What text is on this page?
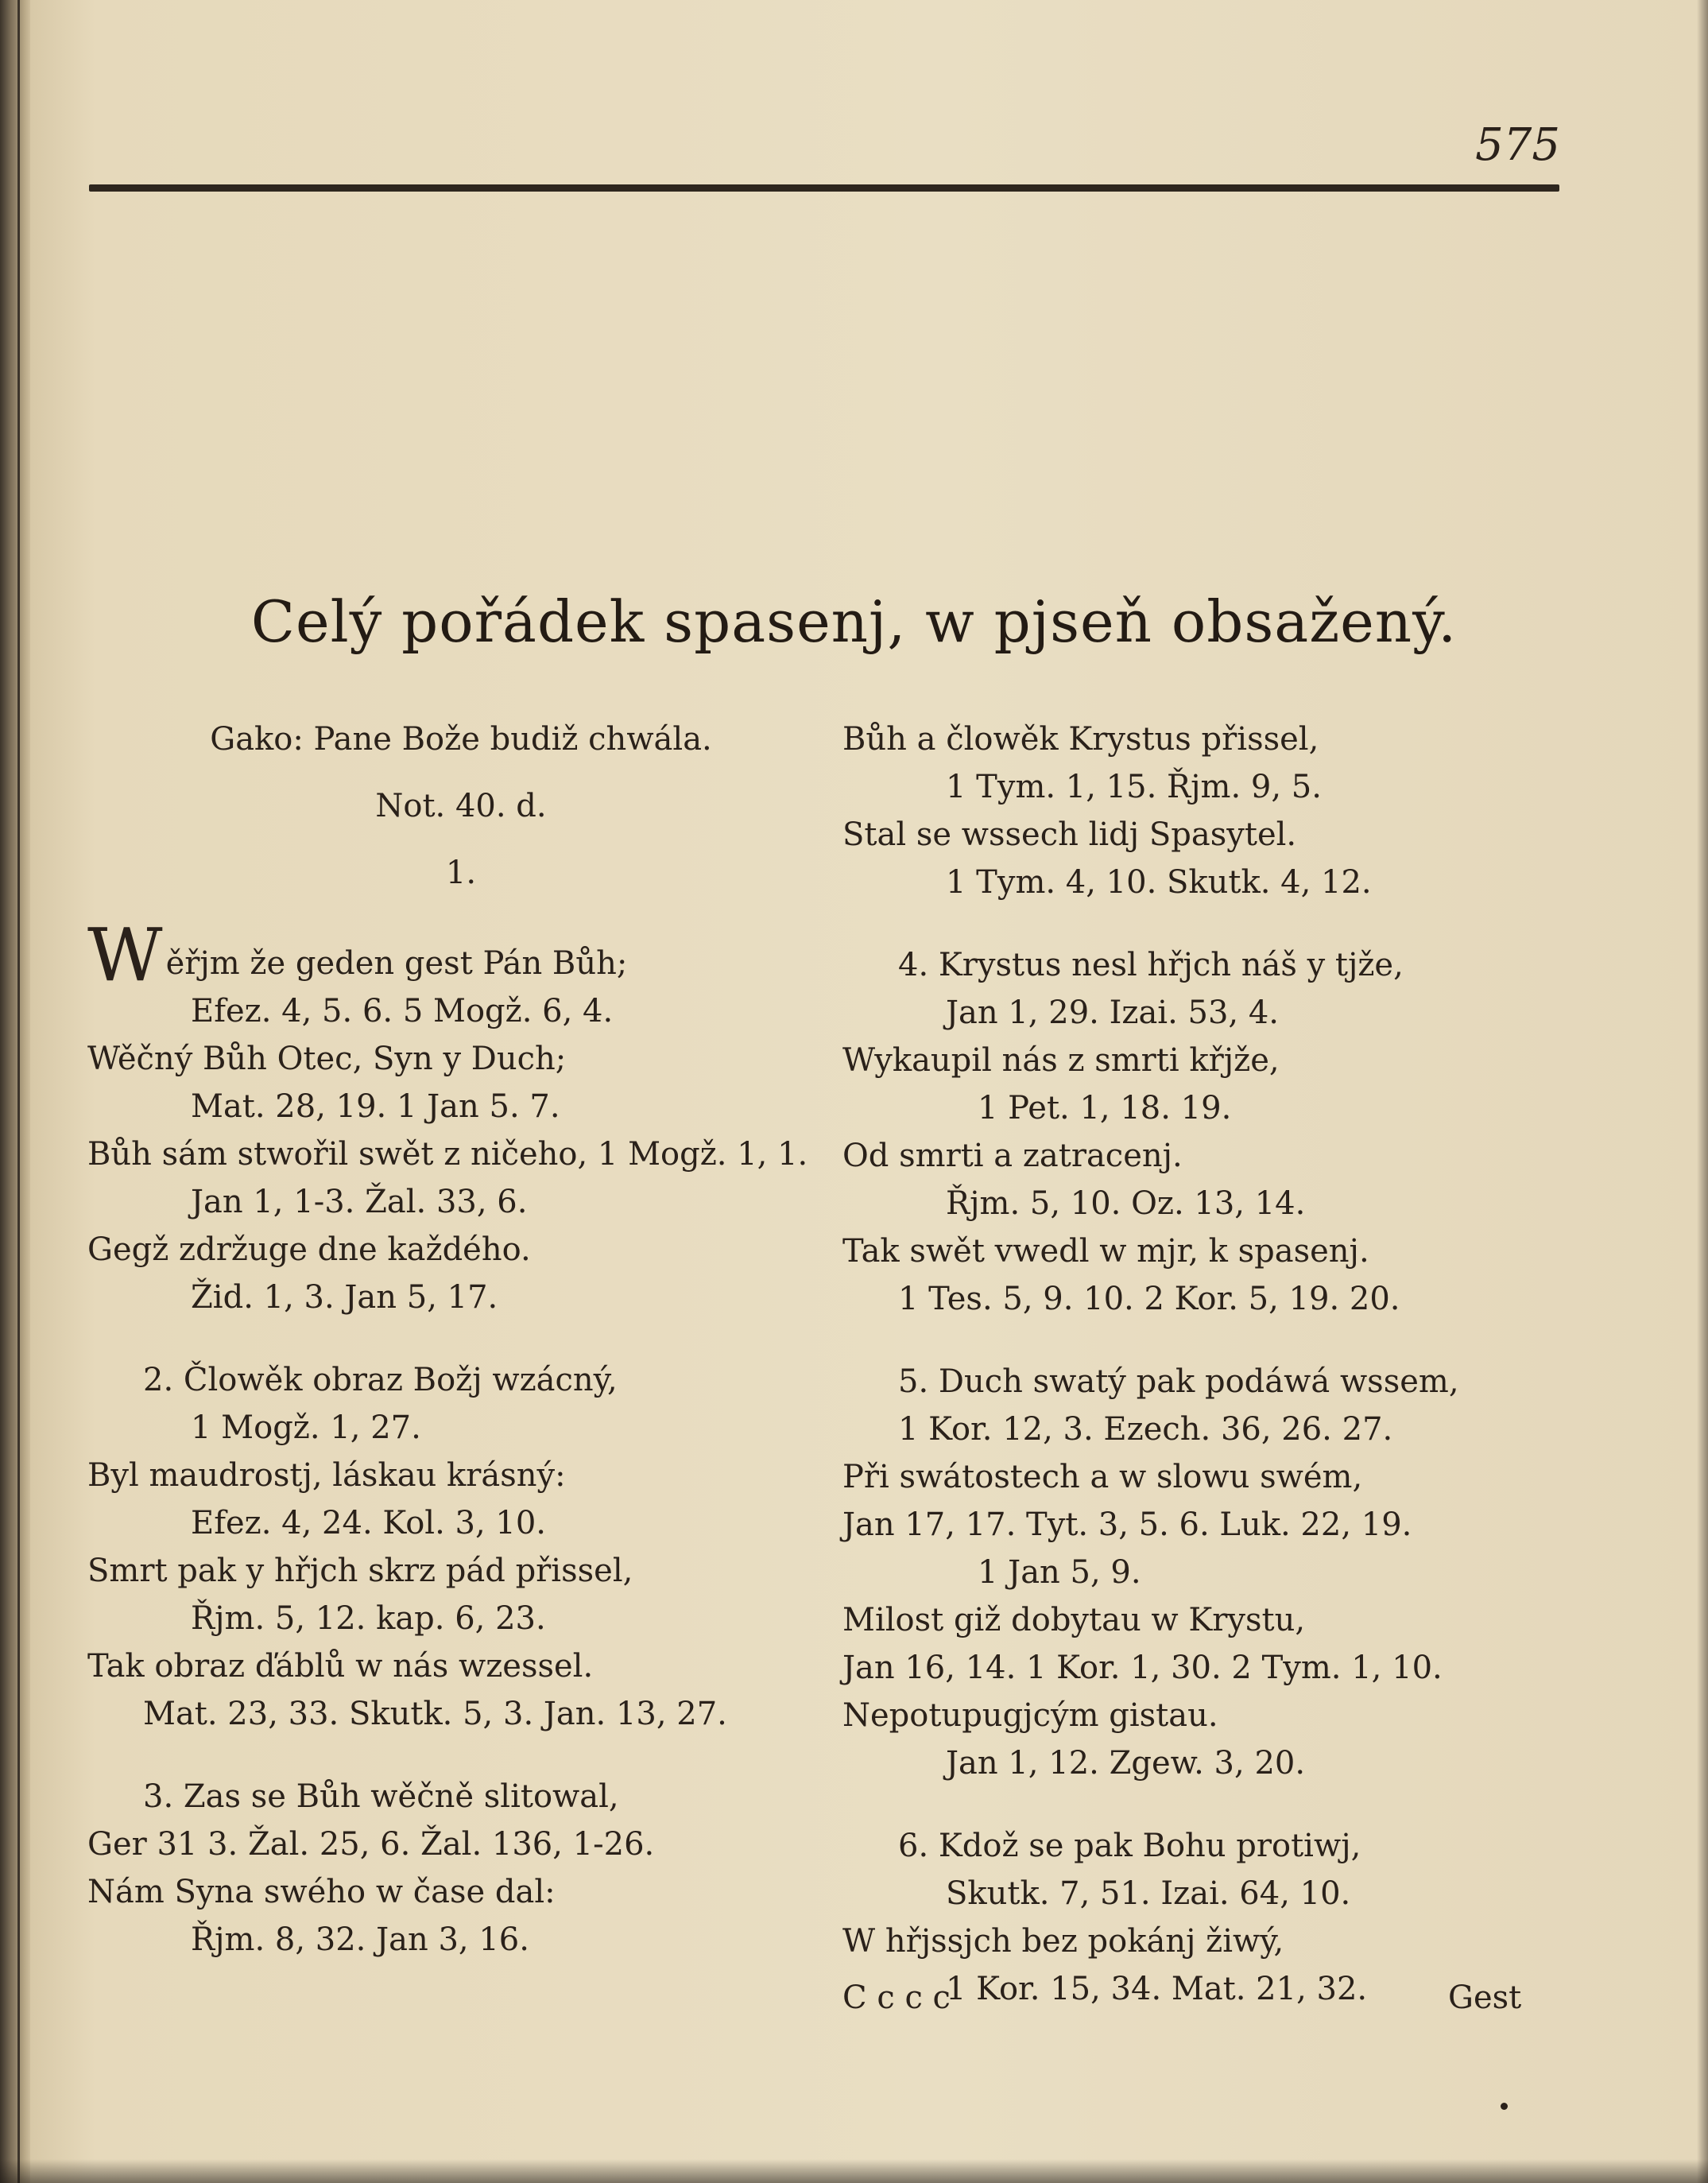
575
Celý pořádek spasenj, w pjseň obsažený.

Gako: Pane Bože budiž chwála.

Not. 40. d.

1.

Wěřjm že geden gest Pán Bůh;

Efez. 4, 5. 6. 5 Mogž. 6, 4.

Wěčný Bůh Otec, Syn y Duch;

Mat. 28, 19. 1 Jan 5. 7.

Bůh sám stwořil swět z ničeho, 1 Mogž. 1, 1.

Jan 1, 1-3. Žal. 33, 6.

Gegž zdržuge dne každého.

Žid. 1, 3. Jan 5, 17.

2. Člowěk obraz Božj wzácný,

1 Mogž. 1, 27.

Byl maudrostj, láskau krásný:

Efez. 4, 24. Kol. 3, 10.

Smrt pak y hřjch skrz pád přissel,

Řjm. 5, 12. kap. 6, 23.

Tak obraz ďáblů w nás wzessel.

Mat. 23, 33. Skutk. 5, 3. Jan. 13, 27.

3. Zas se Bůh wěčně slitowal,

Ger 31 3. Žal. 25, 6. Žal. 136, 1-26.

Nám Syna swého w čase dal:

Řjm. 8, 32. Jan 3, 16.

Bůh a člowěk Krystus přissel,

1 Tym. 1, 15. Řjm. 9, 5.

Stal se wssech lidj Spasytel.

1 Tym. 4, 10. Skutk. 4, 12.

4. Krystus nesl hřjch náš y tjže,

Jan 1, 29. Izai. 53, 4.

Wykaupil nás z smrti křjže,

1 Pet. 1, 18. 19.

Od smrti a zatracenj.

Řjm. 5, 10. Oz. 13, 14.

Tak swět vwedl w mjr, k spasenj.

1 Tes. 5, 9. 10. 2 Kor. 5, 19. 20.

5. Duch swatý pak podáwá wssem,

1 Kor. 12, 3. Ezech. 36, 26. 27.

Při swátostech a w slowu swém,

Jan 17, 17. Tyt. 3, 5. 6. Luk. 22, 19.

1 Jan 5, 9.

Milost giž dobytau w Krystu,

Jan 16, 14. 1 Kor. 1, 30. 2 Tym. 1, 10.

Nepotupugjcým gistau.

Jan 1, 12. Zgew. 3, 20.

6. Kdož se pak Bohu protiwj,

Skutk. 7, 51. Izai. 64, 10.

W hřjssjch bez pokánj žiwý,

1 Kor. 15, 34. Mat. 21, 32.

C c c c	Gest
